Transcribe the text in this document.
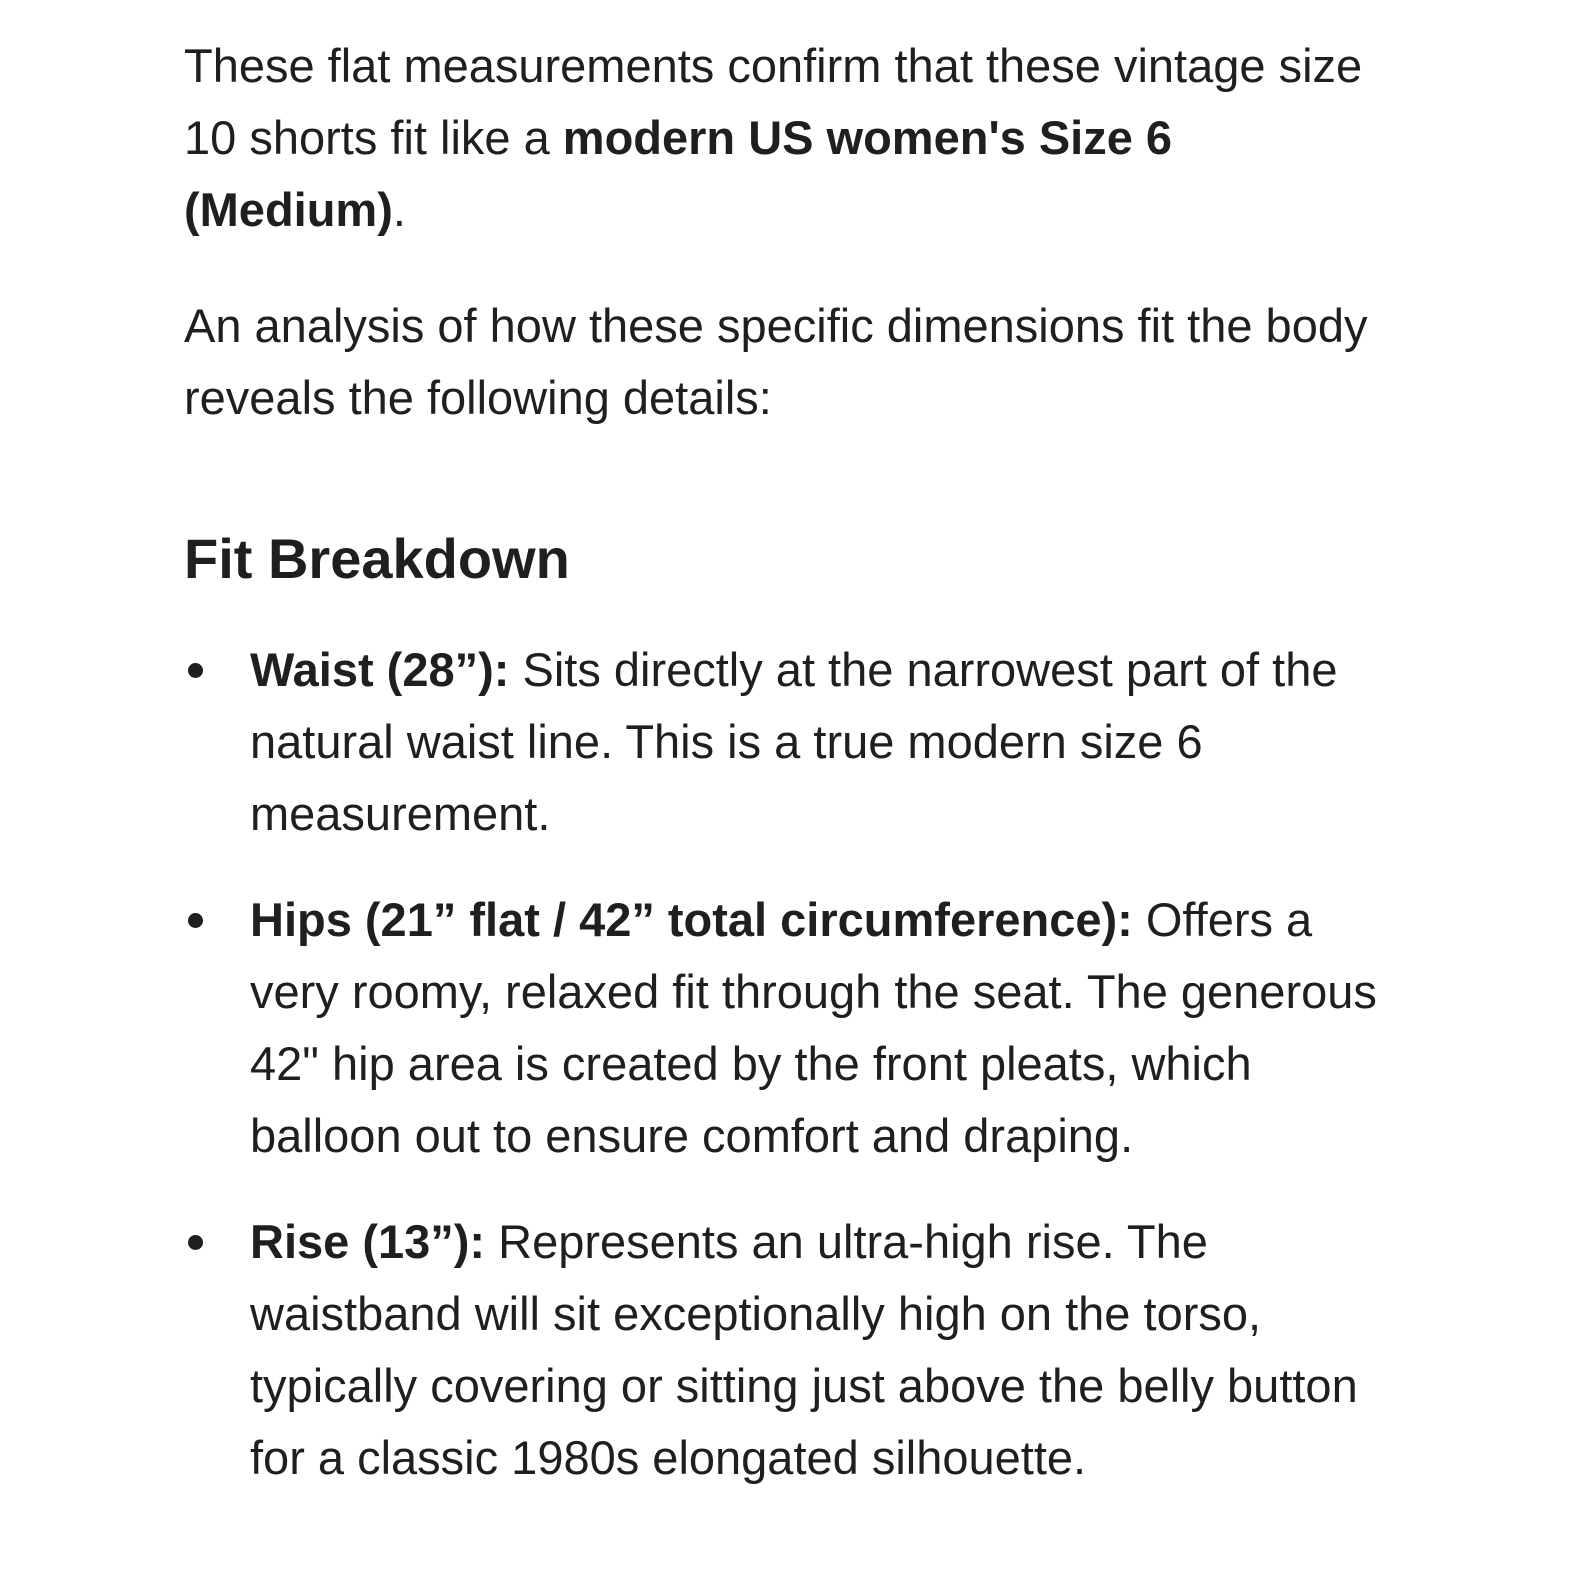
These flat measurements confirm that these vintage size 10 shorts fit like a modern US women's Size 6 (Medium).

An analysis of how these specific dimensions fit the body reveals the following details:

Fit Breakdown
Waist (28”): Sits directly at the narrowest part of the natural waist line. This is a true modern size 6 measurement.
Hips (21” flat / 42” total circumference): Offers a very roomy, relaxed fit through the seat. The generous 42" hip area is created by the front pleats, which balloon out to ensure comfort and draping.
Rise (13”): Represents an ultra-high rise. The waistband will sit exceptionally high on the torso, typically covering or sitting just above the belly button for a classic 1980s elongated silhouette.
